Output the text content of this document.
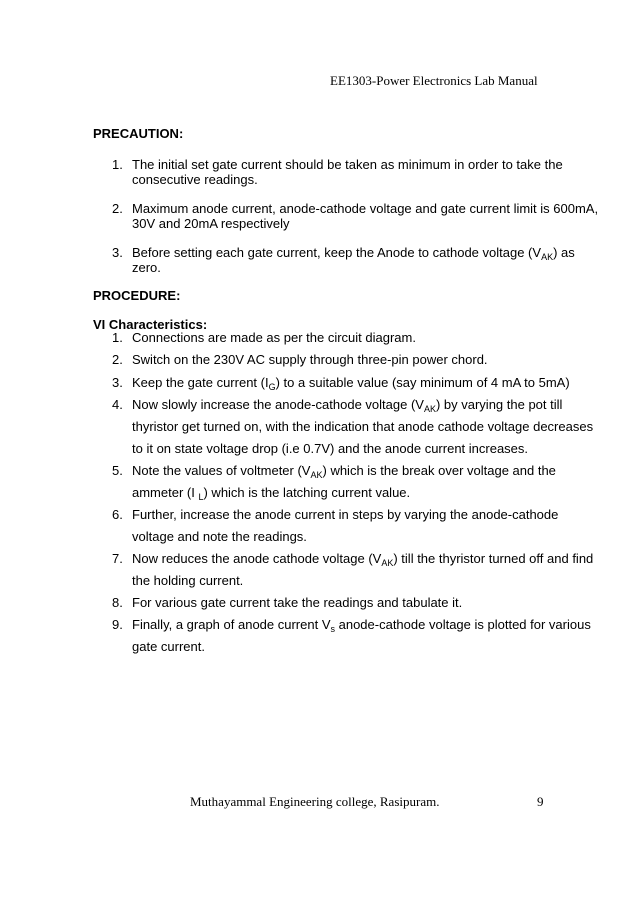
EE1303-Power Electronics Lab Manual
PRECAUTION:
1. The initial set gate current should be taken as minimum in order to take the
consecutive readings.
2. Maximum anode current, anode-cathode voltage and gate current limit is 600mA,
30V and 20mA respectively
3. Before setting each gate current, keep the Anode to cathode voltage $(V_{AK})$ as
zero.
PROCEDURE:
VI Characteristics:
1. Connections are made as per the circuit diagram.
2. Switch on the 230V AC supply through three-pin power chord.
3. Keep the gate current $(I_G)$ to a suitable value (say minimum of 4 mA to 5mA)
4. Now slowly increase the anode-cathode voltage $(V_{AK})$ by varying the pot till
thyristor get turned on, with the indication that anode cathode voltage decreases
to it on state voltage drop (i.e 0.7V) and the anode current increases.
5. Note the values of voltmeter $(V_{AK})$ which is the break over voltage and the
ammeter (I $_L$) which is the latching current value.
6. Further, increase the anode current in steps by varying the anode-cathode
voltage and note the readings.
7. Now reduces the anode cathode voltage $(V_{AK})$ till the thyristor turned off and find
the holding current.
8. For various gate current take the readings and tabulate it.
9. Finally, a graph of anode current $V_s$ anode-cathode voltage is plotted for various
gate current.
Muthayammal Engineering college, Rasipuram.	9
